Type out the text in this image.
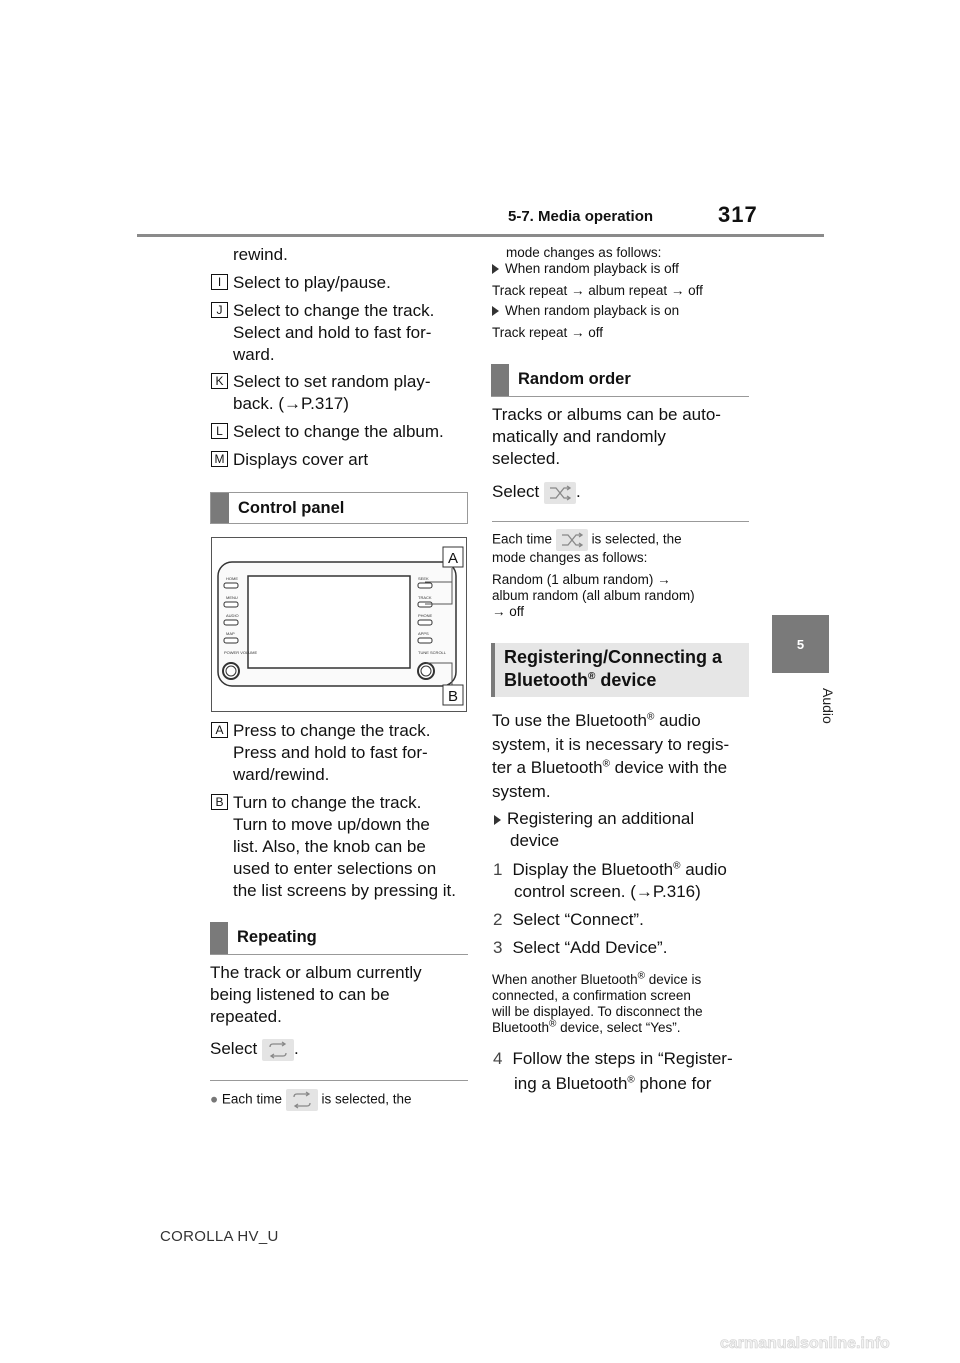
5-7. Media operation	317
5
Audio
rewind.
I Select to play/pause.
J Select to change the track.
Select and hold to fast for-
ward.
K Select to set random play-
back. (→P.317)
L Select to change the album.
M Displays cover art
Control panel
HOME
MENU
AUDIO
MAP
POWER VOLUME
SEEK
TRACK
PHONE
APPS
TUNE SCROLL
A
B
A Press to change the track.
Press and hold to fast for-
ward/rewind.
B Turn to change the track.
Turn to move up/down the
list. Also, the knob can be
used to enter selections on
the list screens by pressing it.
Repeating
The track or album currently
being listened to can be
repeated.
Select .
● Each time	is selected, the
mode changes as follows:
When random playback is off
Track repeat → album repeat → off
When random playback is on
Track repeat → off
Random order
Tracks or albums can be auto-
matically and randomly
selected.
Select .
Each time	is selected, the
mode changes as follows:
Random (1 album random) →
album random (all album random)
→ off
Registering/Connecting a
Bluetooth® device
To use the Bluetooth® audio
system, it is necessary to regis-
ter a Bluetooth® device with the
system.
Registering an additional
device
1 Display the Bluetooth® audio
control screen. (→P.316)
2 Select “Connect”.
3 Select “Add Device”.
When another Bluetooth® device is
connected, a confirmation screen
will be displayed. To disconnect the
Bluetooth® device, select “Yes”.
4 Follow the steps in “Register-
ing a Bluetooth® phone for
COROLLA HV_U
carmanualsonline.info
